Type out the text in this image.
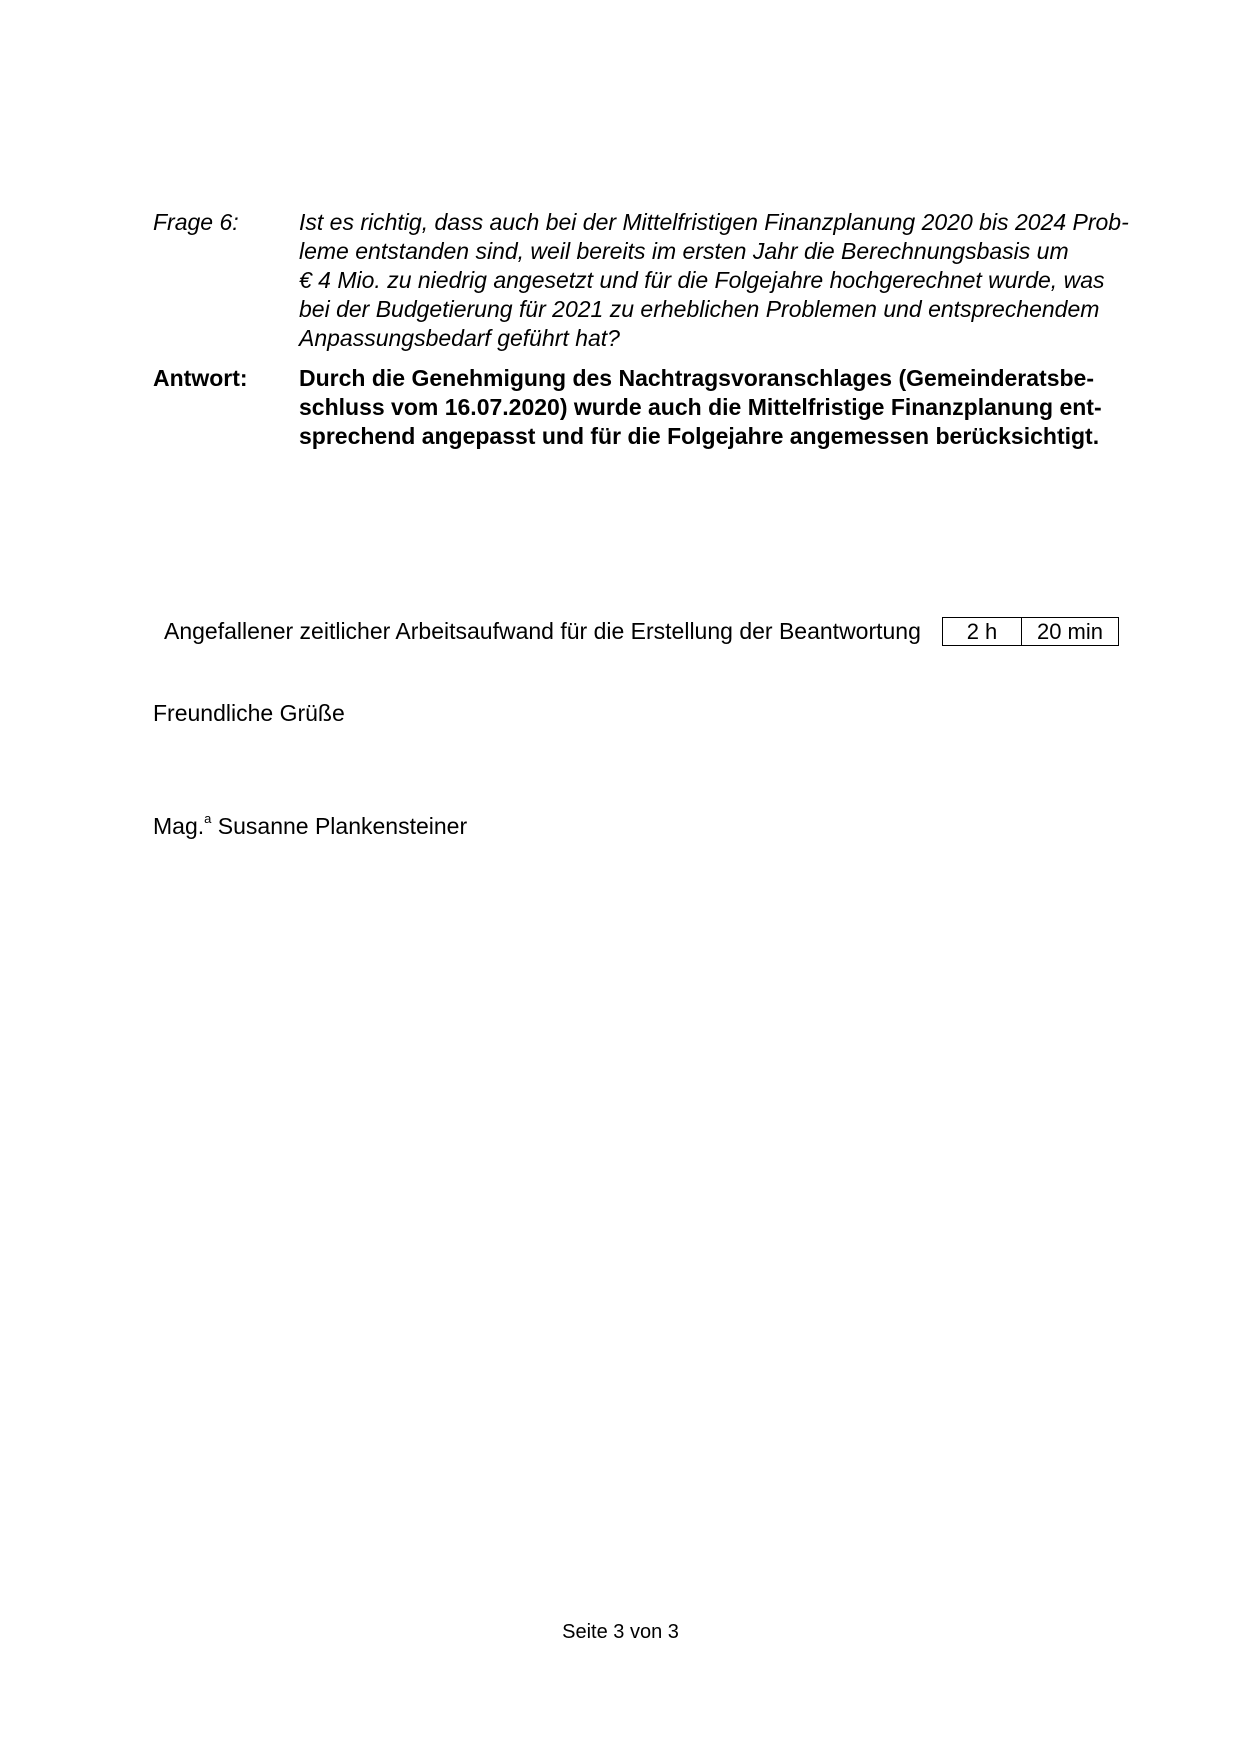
Frage 6:	Ist es richtig, dass auch bei der Mittelfristigen Finanzplanung 2020 bis 2024 Prob-
leme entstanden sind, weil bereits im ersten Jahr die Berechnungsbasis um
€ 4 Mio. zu niedrig angesetzt und für die Folgejahre hochgerechnet wurde, was
bei der Budgetierung für 2021 zu erheblichen Problemen und entsprechendem
Anpassungsbedarf geführt hat?
Antwort:	Durch die Genehmigung des Nachtragsvoranschlages (Gemeinderatsbe-
schluss vom 16.07.2020) wurde auch die Mittelfristige Finanzplanung ent-
sprechend angepasst und für die Folgejahre angemessen berücksichtigt.
Angefallener zeitlicher Arbeitsaufwand für die Erstellung der Beantwortung	2 h	20 min
Freundliche Grüße
Mag.$^a$ Susanne Plankensteiner
Seite 3 von 3
